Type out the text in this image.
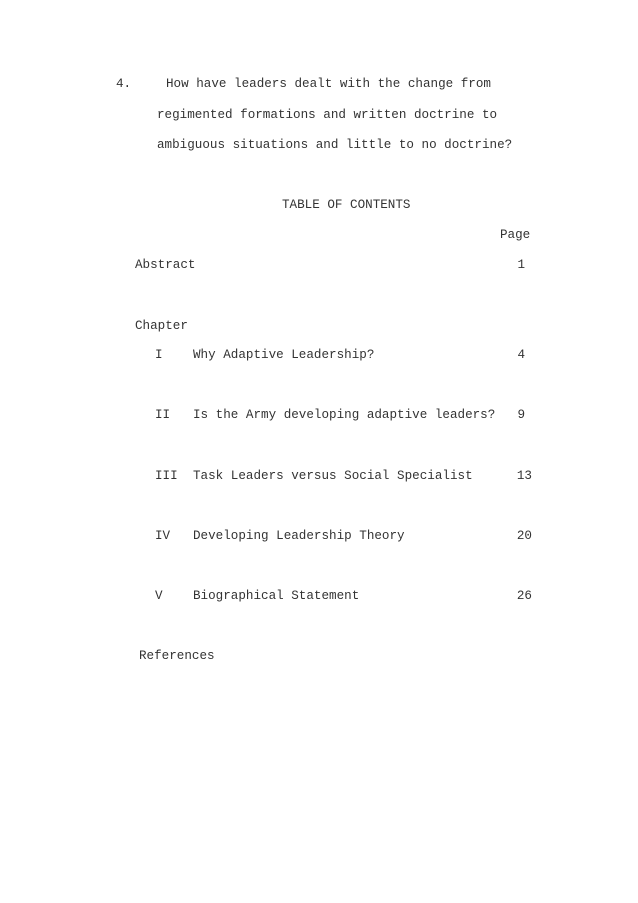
4.	How have leaders dealt with the change from
regimented formations and written doctrine to
ambiguous situations and little to no doctrine?
TABLE OF CONTENTS
Page
Abstract	1
Chapter
I Why Adaptive Leadership?	4
II Is the Army developing adaptive leaders?	9
III Task Leaders versus Social Specialist	13
IV Developing Leadership Theory	20
V Biographical Statement	26
References
